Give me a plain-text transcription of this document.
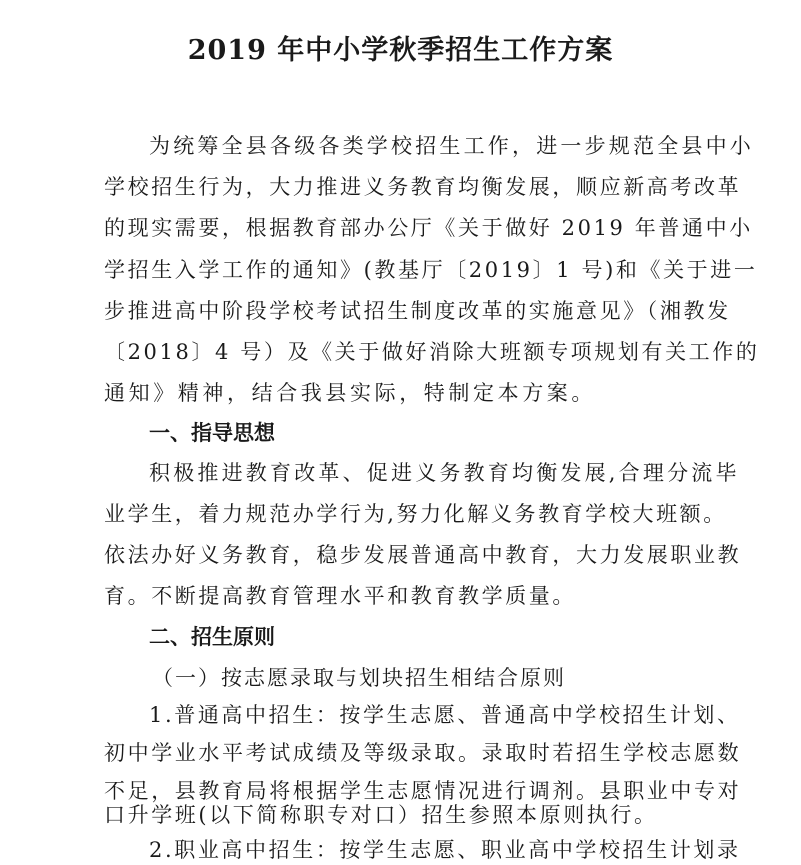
2019 年中小学秋季招生工作方案

为统筹全县各级各类学校招生工作，进一步规范全县中小

学校招生行为，大力推进义务教育均衡发展，顺应新高考改革

的现实需要，根据教育部办公厅《关于做好 2019 年普通中小

学招生入学工作的通知》(教基厅〔2019〕1 号)和《关于进一

步推进高中阶段学校考试招生制度改革的实施意见》（湘教发

〔2018〕4 号）及《关于做好消除大班额专项规划有关工作的

通知》精神，结合我县实际，特制定本方案。

一、指导思想

积极推进教育改革、促进义务教育均衡发展,合理分流毕

业学生，着力规范办学行为,努力化解义务教育学校大班额。

依法办好义务教育，稳步发展普通高中教育，大力发展职业教

育。不断提高教育管理水平和教育教学质量。

二、招生原则

（一）按志愿录取与划块招生相结合原则

1.普通高中招生：按学生志愿、普通高中学校招生计划、

初中学业水平考试成绩及等级录取。录取时若招生学校志愿数

不足，县教育局将根据学生志愿情况进行调剂。县职业中专对

口升学班(以下简称职专对口）招生参照本原则执行。

2.职业高中招生：按学生志愿、职业高中学校招生计划录
